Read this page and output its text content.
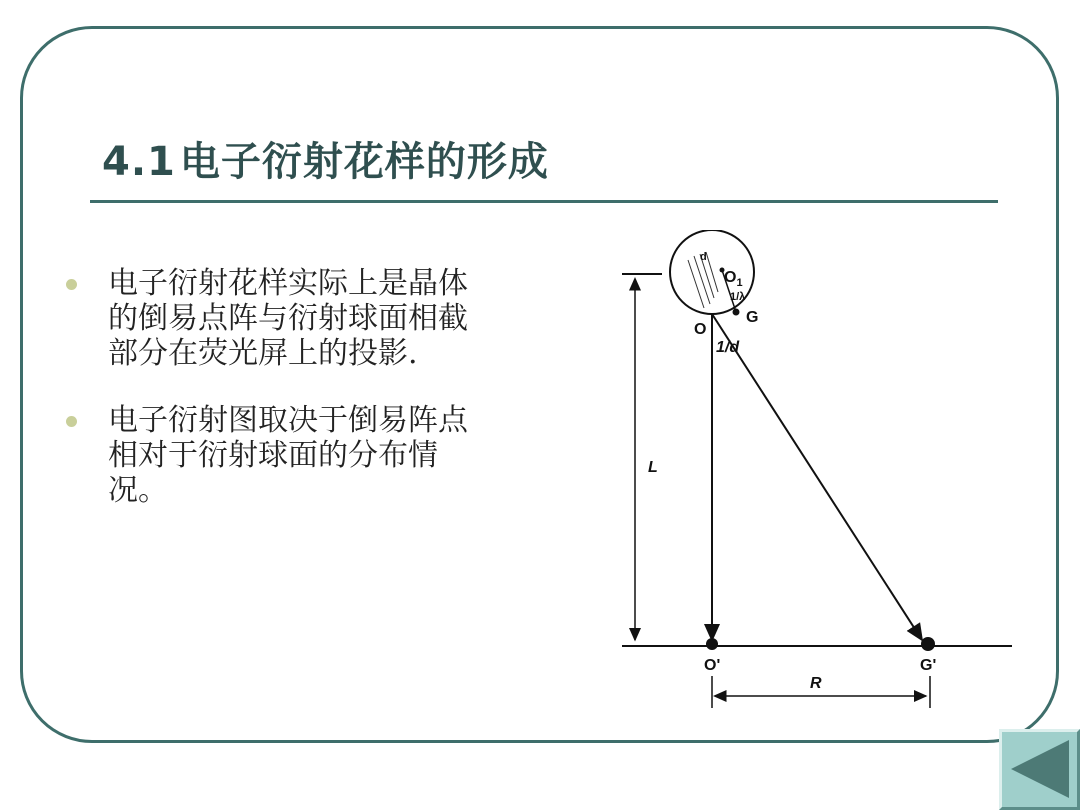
4.1 电子衍射花样的形成
电子衍射花样实际上是晶体的倒易点阵与衍射球面相截部分在荧光屏上的投影.
电子衍射图取决于倒易阵点相对于衍射球面的分布情况。
d
$O_1$
1/λ
G
O
1/d
L
O'	G'
R
